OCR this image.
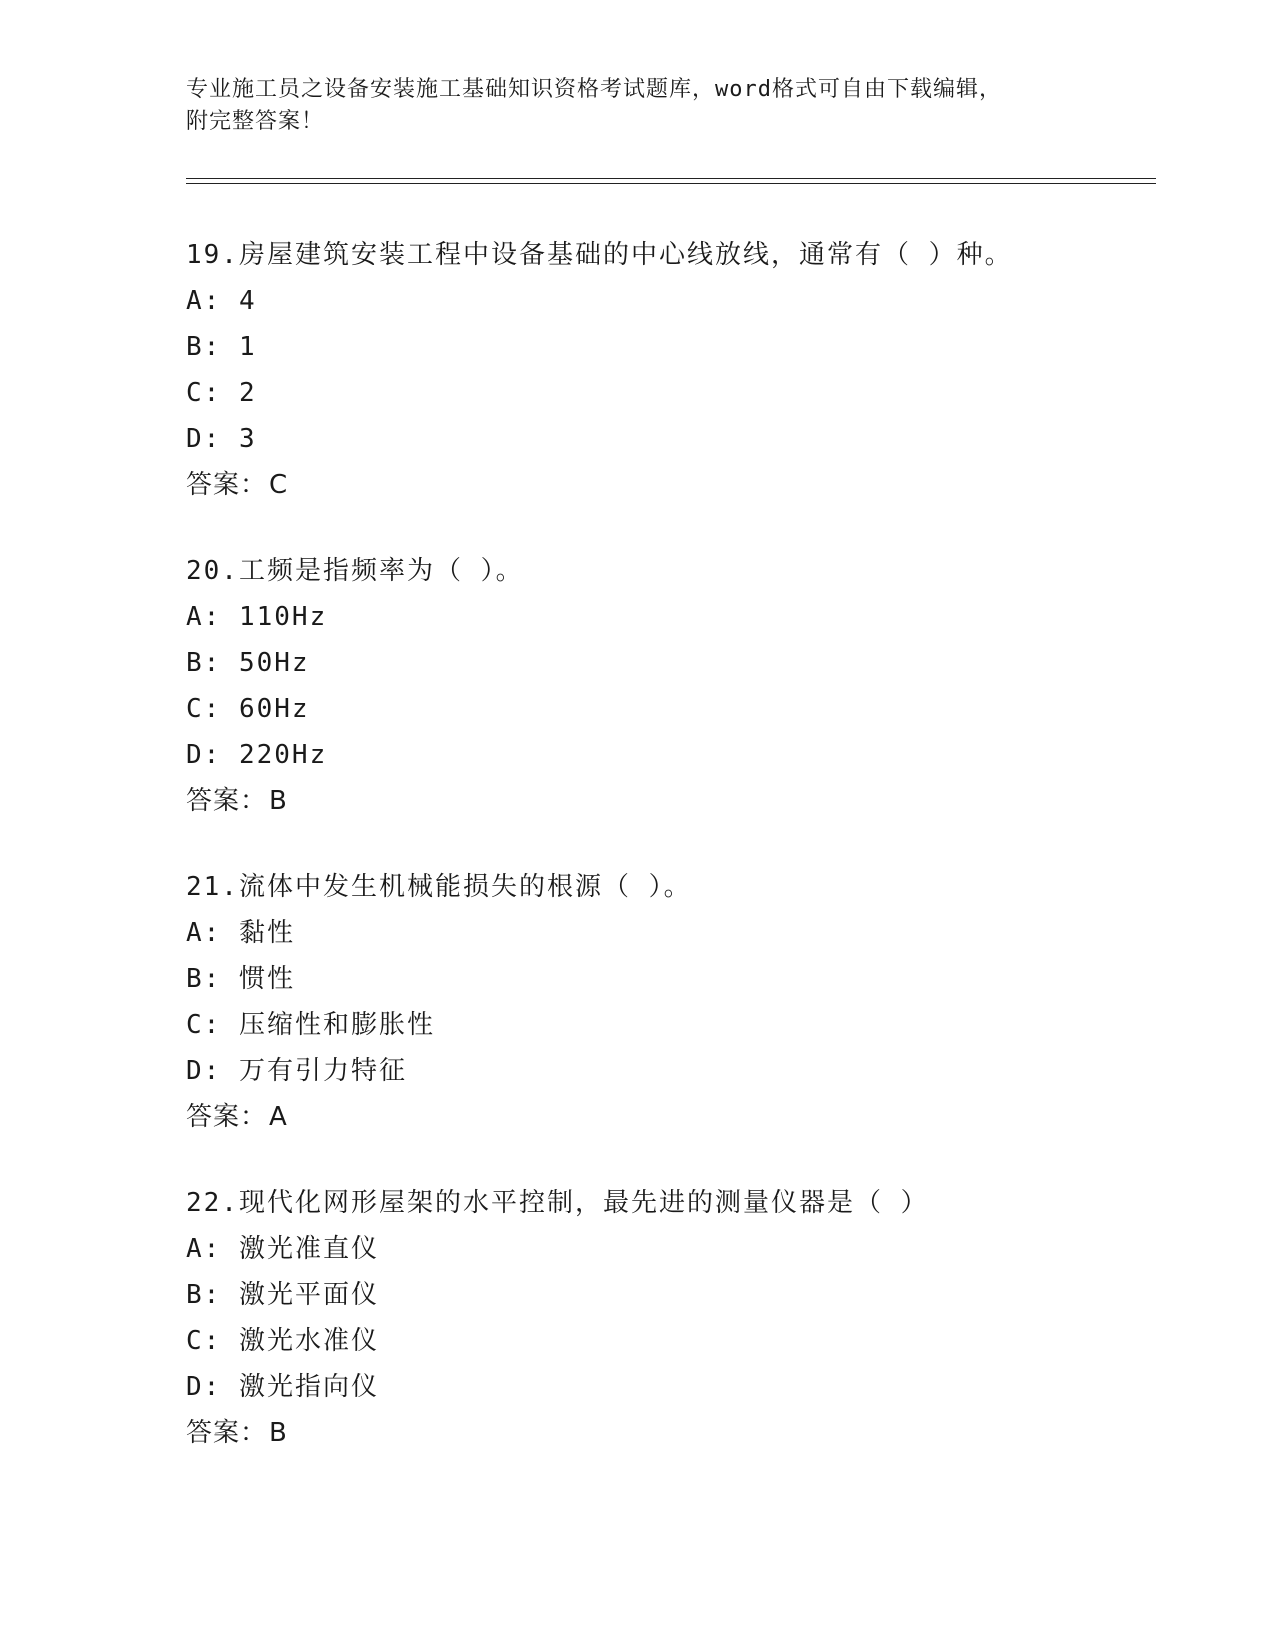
专业施工员之设备安装施工基础知识资格考试题库，word格式可自由下载编辑，
附完整答案！
19.房屋建筑安装工程中设备基础的中心线放线，通常有（ ）种。
A: 4
B: 1
C: 2
D: 3
答案：C
20.工频是指频率为（ ）。
A: 110Hz
B: 50Hz
C: 60Hz
D: 220Hz
答案：B
21.流体中发生机械能损失的根源（ ）。
A: 黏性
B: 惯性
C: 压缩性和膨胀性
D: 万有引力特征
答案：A
22.现代化网形屋架的水平控制，最先进的测量仪器是（ ）
A: 激光准直仪
B: 激光平面仪
C: 激光水准仪
D: 激光指向仪
答案：B
